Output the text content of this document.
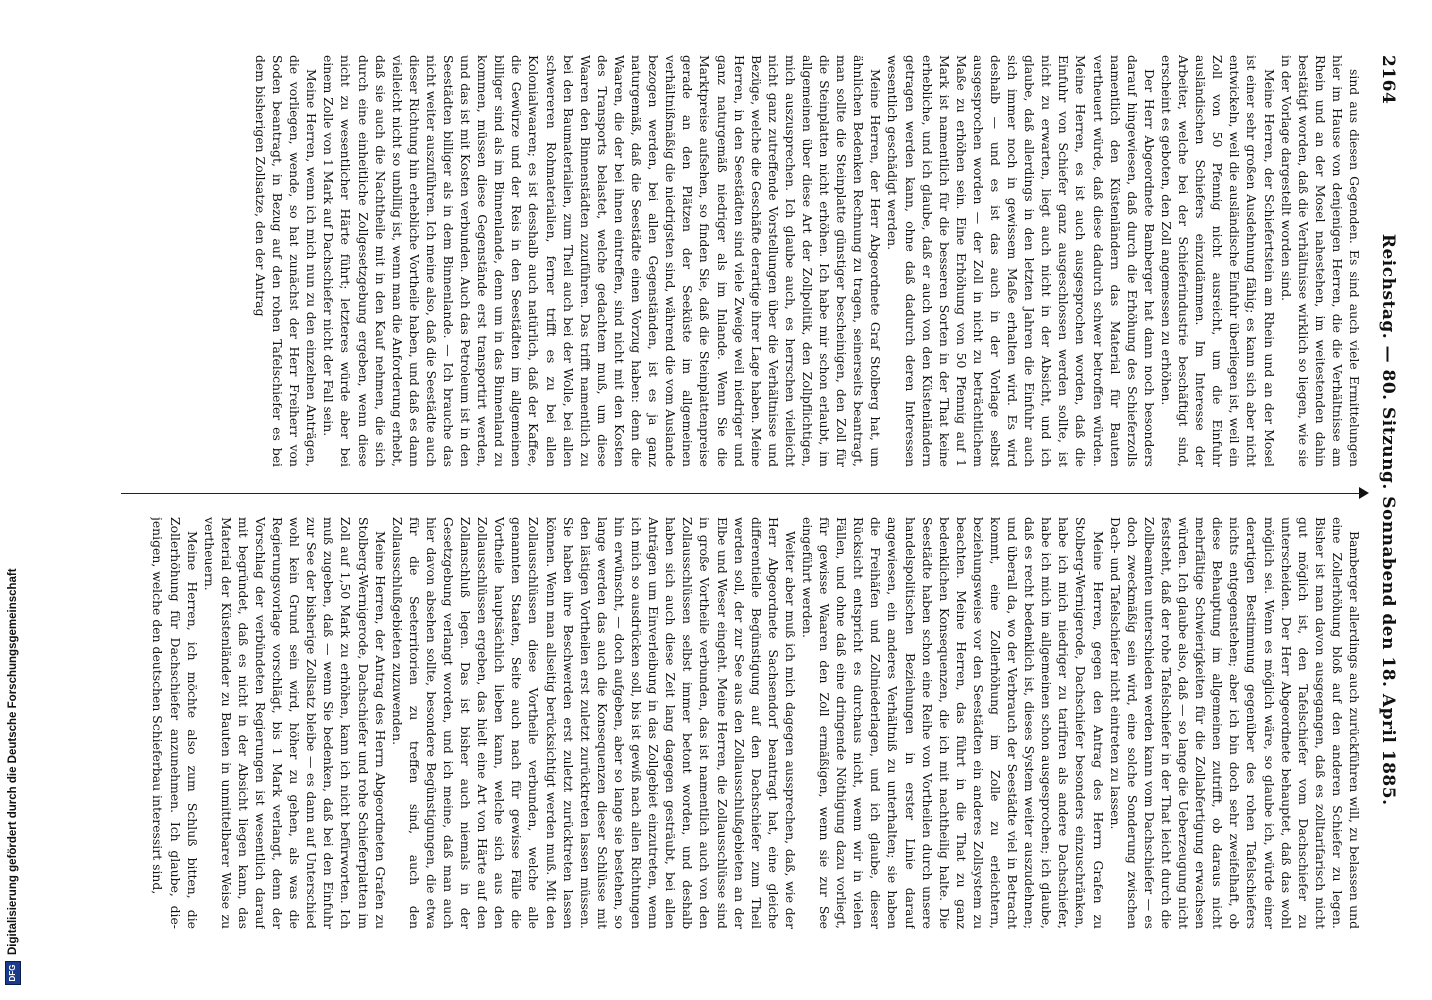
2164
Reichstag. — 80. Sitzung. Sonnabend den 18. April 1885.

sind aus diesen Gegenden. Es sind auch viele Ermittelungen hier im Hause von denjenigen Herren, die die Verhältnisse am Rhein und an der Mosel nahestehen, im weitestenden dahin bestätigt worden, daß die Verhältnisse wirklich so liegen, wie sie in der Vorlage dargestellt worden sind.

Meine Herren, der Schiefertstein am Rhein und an der Mosel ist einer sehr großen Ausdehnung fähig; es kann sich aber nicht entwickeln, weil die ausländische Einfuhr überliegen ist, weil ein Zoll von 50 Pfennig nicht ausreicht, um die Einfuhr ausländischen Schiefers einzudämmen. Im Interesse der Arbeiter, welche bei der Schieferindustrie beschäftigt sind, erscheint es geboten, den Zoll angemessen zu erhöhen.

Der Herr Abgeordnete Bamberger hat dann noch besonders darauf hingewiesen, daß durch die Erhöhung des Schieferzolls namentlich den Küstenländern das Material für Bauten vertheuert würde, daß diese dadurch schwer betroffen würden. Meine Herren, es ist auch ausgesprochen worden, daß die Einfuhr von Schiefer ganz ausgeschlossen werden sollte, ist nicht zu erwarten, liegt auch nicht in der Absicht, und ich glaube, daß allerdings in den letzten Jahren die Einfuhr auch sich immer noch in gewissem Maße erhalten wird. Es wird deshalb — und es ist das auch in der Vorlage selbst ausgesprochen worden — der Zoll in nicht zu beträchtlichem Maße zu erhöhen sein. Eine Erhöhung von 50 Pfennig auf 1 Mark ist namentlich für die besseren Sorten in der That keine erhebliche, und ich glaube, daß er auch von den Küstenländern getragen werden kann, ohne daß dadurch deren Interessen wesentlich geschädigt werden.

Meine Herren, der Herr Abgeordnete Graf Stolberg hat, um ähnlichen Bedenken Rechnung zu tragen, seinerseits beantragt, man sollte die Steinplatte günstiger bescheinigen, den Zoll für die Steinplatten nicht erhöhen. Ich habe mir schon erlaubt, im allgemeinen über diese Art der Zollpolitik, den Zollpflichtigen, mich auszusprechen. Ich glaube auch, es herrschen vielleicht nicht ganz zutreffende Vorstellungen über die Verhältnisse und Bezüge, welche die Geschäfte derartige ihrer Lage haben. Meine Herren, in den Seestädten sind viele Zweige weil niedriger und ganz naturgemäß niedriger als im Inlande. Wenn Sie die Marktpreise aufsehen, so finden Sie, daß die Steinplattenpreise gerade an den Plätzen der Seeküste im allgemeinen verhältnißmäßig die niedrigsten sind, während die vom Auslande bezogen werden, bei allen Gegenständen, ist es ja ganz naturgemäß, daß die Seestädte einen Vorzug haben: denn die Waaren, die der bei ihnen eintreffen, sind nicht mit den Kosten des Transports belastet, welche gedachtem muß, um diese Waaren den Binnenstädten zuzuführen. Das trifft namentlich zu bei den Baumaterialien, zum Theil auch bei der Wolle, bei allen schwereren Rohmaterialien, ferner trifft es zu bei allen Kolonialwaaren; es ist desshalb auch natürlich, daß der Kaffee, die Gewürze und der Reis in den Seestädten im allgemeinen billiger sind als im Binnenlande, denn um in das Binnenland zu kommen, müssen diese Gegenstände erst transportirt werden, und das ist mit Kosten verbunden. Auch das Petroleum ist in den Seestädten billiger als in dem Binnenlande. — Ich brauche das nicht weiter auszuführen. Ich meine also, daß die Seestädte auch dieser Richtung hin erhebliche Vortheile haben, und daß es dann vielleicht nicht so unbillig ist, wenn man die Anforderung erhebt, daß sie auch die Nachtheile mit in den Kauf nehmen, die sich durch eine einheitliche Zollgesetzgebung ergeben, wenn diese nicht zu wesentlicher Härte führt; letzteres würde aber bei einem Zolle von 1 Mark auf Dachschiefer nicht der Fall sein.

Meine Herren, wenn ich mich nun zu den einzelnen Anträgen, die vorliegen, wende, so hat zunächst der Herr Freiherr von Soden beantragt, in Bezug auf den rohen Tafelschiefer es bei dem bisherigen Zollsatze, den der Antrag

Bamberger allerdings auch zurückführen will, zu belassen und eine Zollerhöhung bloß auf den anderen Schiefer zu legen. Bisher ist man davon ausgegangen, daß es zolltarifarisch nicht gut möglich ist, den Tafelschiefer vom Dachschiefer zu unterscheiden. Der Herr Abgeordnete behauptet, daß das wohl möglich sei. Wenn es möglich wäre, so glaube ich, würde einer derartigen Bestimmung gegenüber des rohen Tafelschiefers nichts entgegenstehen; aber ich bin doch sehr zweifelhaft, ob diese Behauptung im allgemeinen zutrifft, ob daraus nicht mehrfältige Schwierigkeiten für die Zollabfertigung erwachsen würden. Ich glaube also, daß — so lange die Ueberzeugung nicht feststeht, daß der rohe Tafelschiefer in der That leicht durch die Zollbeamten unterschieden werden kann vom Dachschiefer — es doch zweckmäßig sein wird, eine solche Sonderung zwischen Dach- und Tafelschiefer nicht eintreten zu lassen.

Meine Herren, gegen den Antrag des Herrn Grafen zu Stolberg-Wernigerode, Dachschiefer besonders einzuschränken, habe ich mich niedriger zu tarifiren als andere Dachschiefer, habe ich mich im allgemeinen schon ausgesprochen; ich glaube, daß es recht bedenklich ist, dieses System weiter auszudehnen; und überall da, wo der Verbrauch der Seestädte viel in Betracht kommt, eine Zollerhöhung im Zolle zu erleichtern, beziehungsweise vor den Seestädten ein anderes Zollsystem zu beachten. Meine Herren, das führt in die That zu ganz bedenklichen Konsequenzen, die ich mit nachtheilig halte. Die Seestädte haben schon eine Reihe von Vortheilen durch unsere handelspolitischen Beziehungen in erster Linie darauf angewiesen, ein anderes Verhältniß zu unterhalten; sie haben die Freihäfen und Zollniederlagen, und ich glaube, dieser Rücksicht entspricht es durchaus nicht, wenn wir in vielen Fällen, und ohne daß eine dringende Nöthigung dazu vorliegt, für gewisse Waaren den Zoll ermäßigen, wenn sie zur See eingeführt werden.

Weiter aber muß ich mich dagegen aussprechen, daß, wie der Herr Abgeordnete Sachsendorf beantragt hat, eine gleiche differentielle Begünstigung auf den Dachschiefer zum Theil werden soll, der zur See aus den Zollausschlußgebieten an der Elbe und Weser eingeht. Meine Herren, die Zollausschlüsse sind in große Vortheile verbunden, das ist namentlich auch von den Zollausschlüssen selbst immer betont worden, und deshalb haben sich auch diese Zeit lang dagegen gesträubt, bei allen Anträgen um Einverleibung in das Zollgebiet einzutreten, wenn ich mich so ausdrücken soll, bis ist gewiß nach allen Richtungen hin erwünscht, — doch aufgeben, aber so lange sie bestehen, so lange werden das auch die Konsequenzen dieser Schlüsse mit den lästigen Vortheilen erst zuletzt zurücktreten lassen müssen. Sie haben ihre Beschwerden erst zuletzt zurücktreten lassen können. Wenn man allseitig berücksichtigt werden muß. Mit den Zollausschlüssen diese Vortheile verbunden, welche alle genannten Staaten, Seite auch nach für gewisse Fälle die Vortheile hauptsächlich lieben kann, welche sich aus den Zollausschlüssen ergeben, das hielt eine Art von Härte auf den Zollanschluß legen. Das ist bisher auch niemals in der Gesetzgebung verlangt worden, und ich meine, daß man auch hier davon absehen sollte, besondere Begünstigungen, die etwa für die Seeterritorien zu treffen sind, auch den Zollausschlußgebieten zuzuwenden.

Meine Herren, der Antrag des Herrn Abgeordneten Grafen zu Stolberg-Wernigerode, Dachschiefer und rohe Schieferplatten im Zoll auf 1,50 Mark zu erhöhen, kann ich nicht befürworten. Ich muß zugeben, daß — wenn Sie bedenken, daß bei den Einfuhr zur See der bisherige Zollsatz bleibe — es dann auf Unterschied wohl kein Grund sein wird, höher zu gehen, als was die Regierungsvorlage vorschlägt, bis 1 Mark verlangt, denn der Vorschlag der verbündeten Regierungen ist wesentlich darauf mit begründet, daß es nicht in der Absicht liegen kann, das Material der Küstenländer zu Bauten in unmittelbarer Weise zu vertheuern.

Meine Herren, ich möchte also zum Schluß bitten, die Zollerhöhung für Dachschiefer anzunehmen. Ich glaube, die- jenigen, welche den deutschen Schieferbau interessirt sind,

DFG
Digitalisierung gefördert durch die Deutsche Forschungsgemeinschaft
